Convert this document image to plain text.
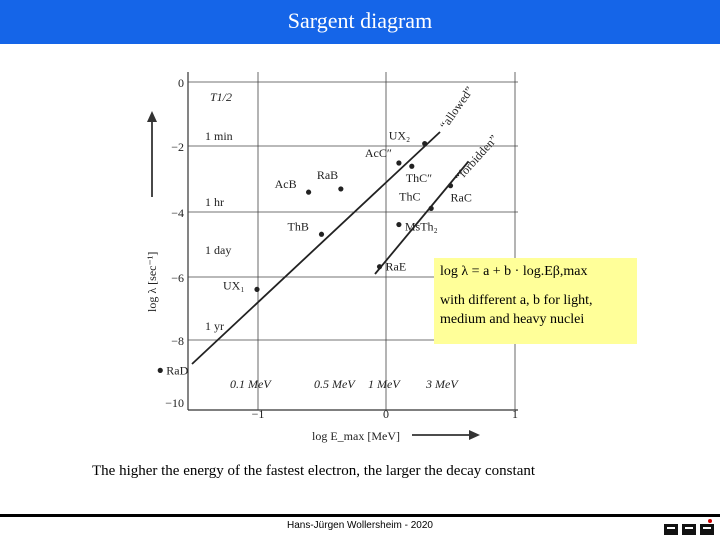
Sargent diagram
0
−2
−4
−6
−8
−10
−1	0	1
T1/2
1 min
1 hr
1 day
1 yr
0.1 MeV	0.5 MeV 1 MeV 3 MeV
“allowed”
“forbidden”
log λ [sec⁻¹]
log E_max [MeV]
UX₂
AcC″
ThC″
AcB
RaB
ThC	RaC
ThB	MsTh₂
RaE
UX₁
RaD
log λ = a + b · log.Eβ,max
with different a, b for light, medium and heavy nuclei
The higher the energy of the fastest electron, the larger the decay constant
Hans-Jürgen Wollersheim - 2020
